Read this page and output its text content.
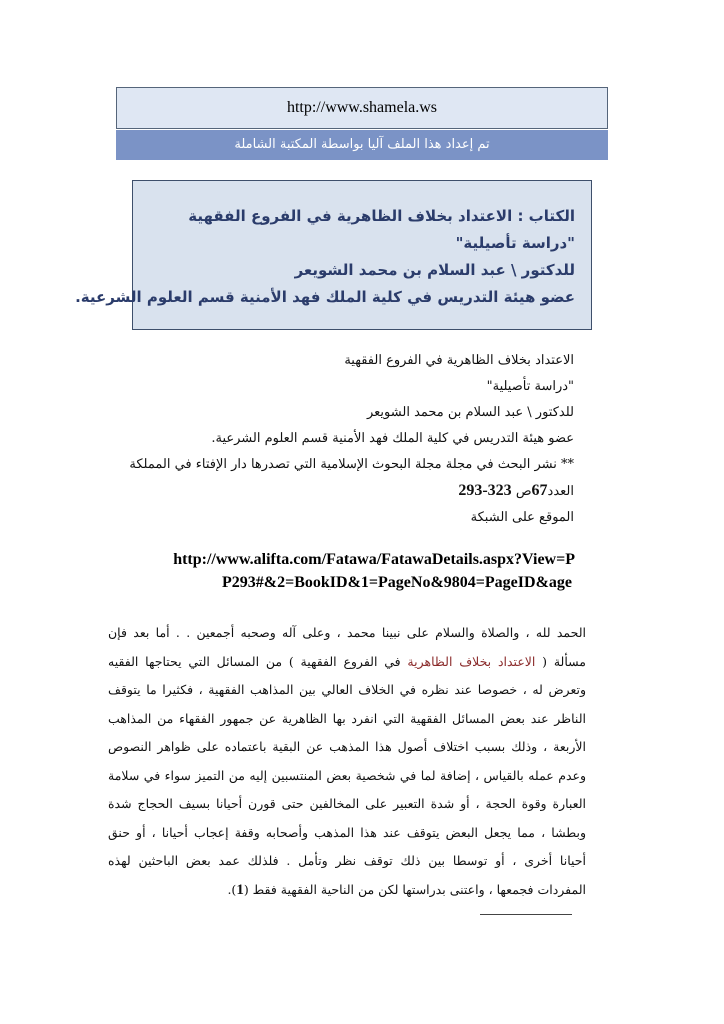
http://www.shamela.ws
تم إعداد هذا الملف آليا بواسطة المكتبة الشاملة
الكتاب : الاعتداد بخلاف الظاهرية في الفروع الفقهية
"دراسة تأصيلية"
للدكتور \ عبد السلام بن محمد الشويعر
عضو هيئة التدريس في كلية الملك فهد الأمنية قسم العلوم الشرعية.
الاعتداد بخلاف الظاهرية في الفروع الفقهية
"دراسة تأصيلية"
للدكتور \ عبد السلام بن محمد الشويعر
عضو هيئة التدريس في كلية الملك فهد الأمنية قسم العلوم الشرعية.
** نشر البحث في مجلة مجلة البحوث الإسلامية التي تصدرها دار الإفتاء في المملكة
العدد67ص 293-323
الموقع على الشبكة
http://www.alifta.com/Fatawa/FatawaDetails.aspx?View=P
P293#&2=BookID&1=PageNo&9804=PageID&age
الحمد لله ، والصلاة والسلام على نبينا محمد ، وعلى آله وصحبه أجمعين . . أما بعد فإن
مسألة ( الاعتداد بخلاف الظاهرية في الفروع الفقهية ) من المسائل التي يحتاجها الفقيه
وتعرض له ، خصوصا عند نظره في الخلاف العالي بين المذاهب الفقهية ، فكثيرا ما يتوقف
الناظر عند بعض المسائل الفقهية التي انفرد بها الظاهرية عن جمهور الفقهاء من المذاهب
الأربعة ، وذلك بسبب اختلاف أصول هذا المذهب عن البقية باعتماده على ظواهر النصوص
وعدم عمله بالقياس ، إضافة لما في شخصية بعض المنتسبين إليه من التميز سواء في سلامة
العبارة وقوة الحجة ، أو شدة التعبير على المخالفين حتى قورن أحيانا بسيف الحجاج شدة
وبطشا ، مما يجعل البعض يتوقف عند هذا المذهب وأصحابه وقفة إعجاب أحيانا ، أو حنق
أحيانا أخرى ، أو توسطا بين ذلك توقف نظر وتأمل . فلذلك عمد بعض الباحثين لهذه
المفردات فجمعها ، واعتنى بدراستها لكن من الناحية الفقهية فقط (1).
